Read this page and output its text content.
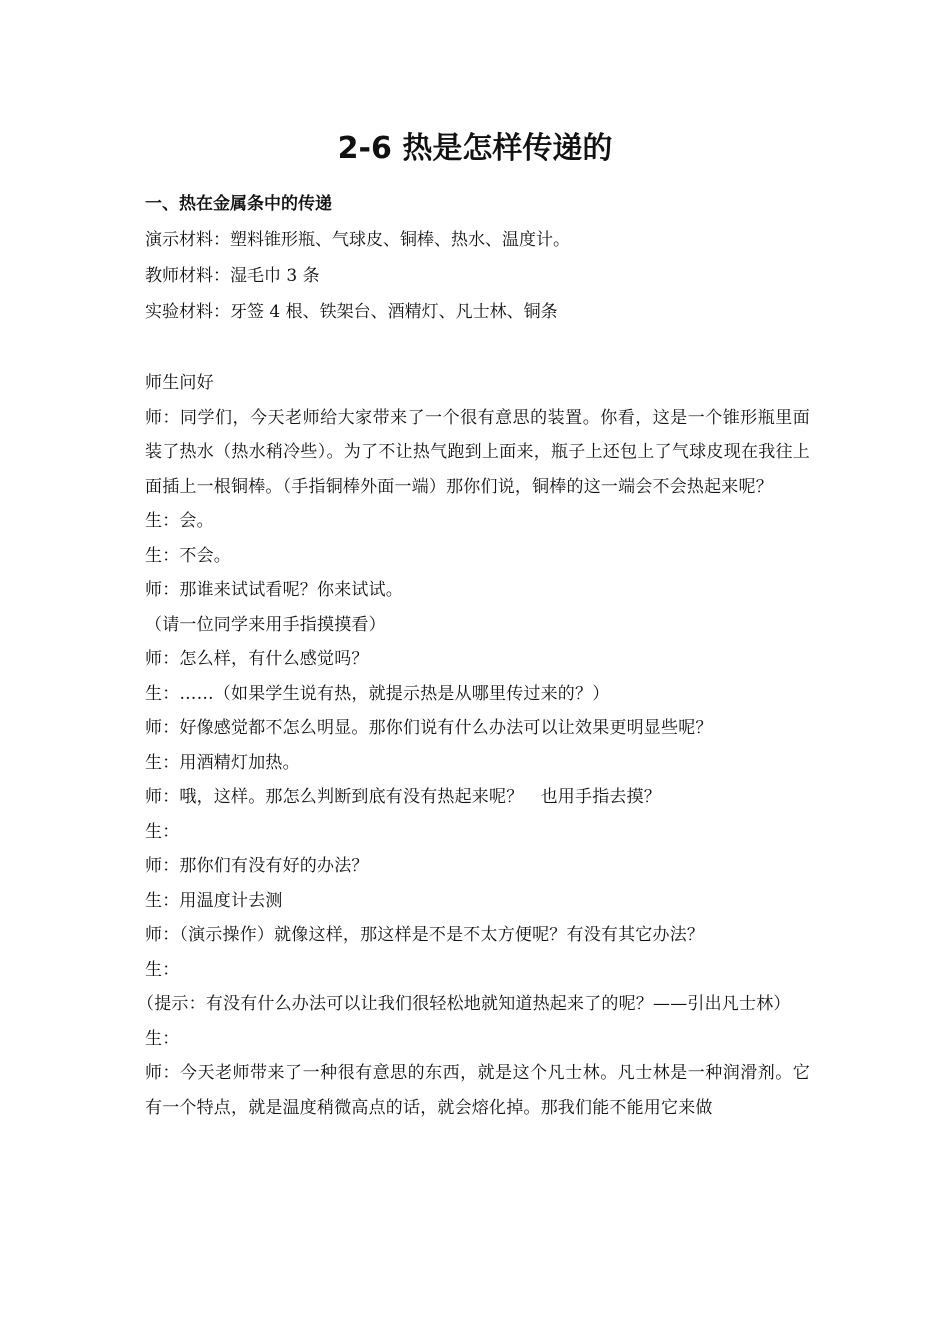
2-6 热是怎样传递的
一、热在金属条中的传递

演示材料：塑料锥形瓶、气球皮、铜棒、热水、温度计。

教师材料：湿毛巾 3 条

实验材料：牙签 4 根、铁架台、酒精灯、凡士林、铜条

师生问好

师：同学们，今天老师给大家带来了一个很有意思的装置。你看，这是一个锥形瓶里面装了热水（热水稍冷些）。为了不让热气跑到上面来，瓶子上还包上了气球皮现在我往上面插上一根铜棒。（手指铜棒外面一端）那你们说，铜棒的这一端会不会热起来呢？

生：会。

生：不会。

师：那谁来试试看呢？你来试试。

（请一位同学来用手指摸摸看）

师：怎么样，有什么感觉吗？

生：……（如果学生说有热，就提示热是从哪里传过来的？）

师：好像感觉都不怎么明显。那你们说有什么办法可以让效果更明显些呢？

生：用酒精灯加热。

师：哦，这样。那怎么判断到底有没有热起来呢？　也用手指去摸？

生：

师：那你们有没有好的办法？

生：用温度计去测

师：（演示操作）就像这样，那这样是不是不太方便呢？有没有其它办法？

生：

（提示：有没有什么办法可以让我们很轻松地就知道热起来了的呢？——引出凡士林）

生：

师：今天老师带来了一种很有意思的东西，就是这个凡士林。凡士林是一种润滑剂。它有一个特点，就是温度稍微高点的话，就会熔化掉。那我们能不能用它来做
